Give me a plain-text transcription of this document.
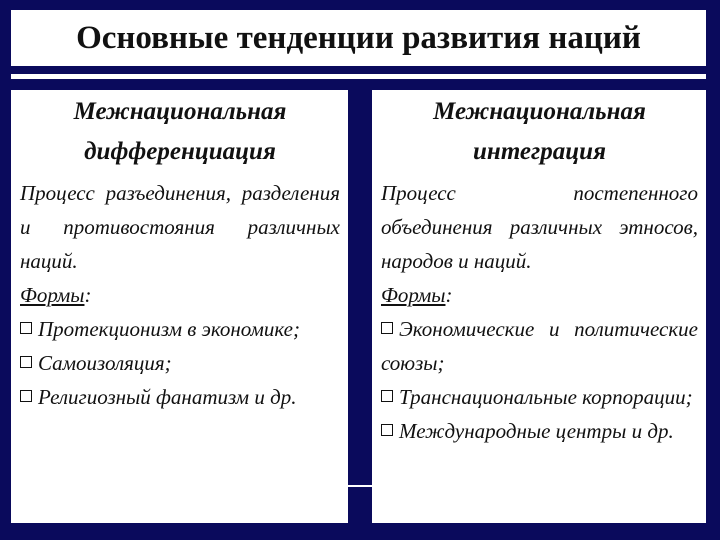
Основные тенденции развития наций
Межнациональная дифференциация
Процесс разъединения, разделения и противостояния различных наций.
Формы:
Протекционизм в экономике;
Самоизоляция;
Религиозный фанатизм и др.
Межнациональная интеграция
Процесс постепенного объединения различных этносов, народов и наций.
Формы:
Экономические и политические союзы;
Транснациональные корпорации;
Международные центры и др.
